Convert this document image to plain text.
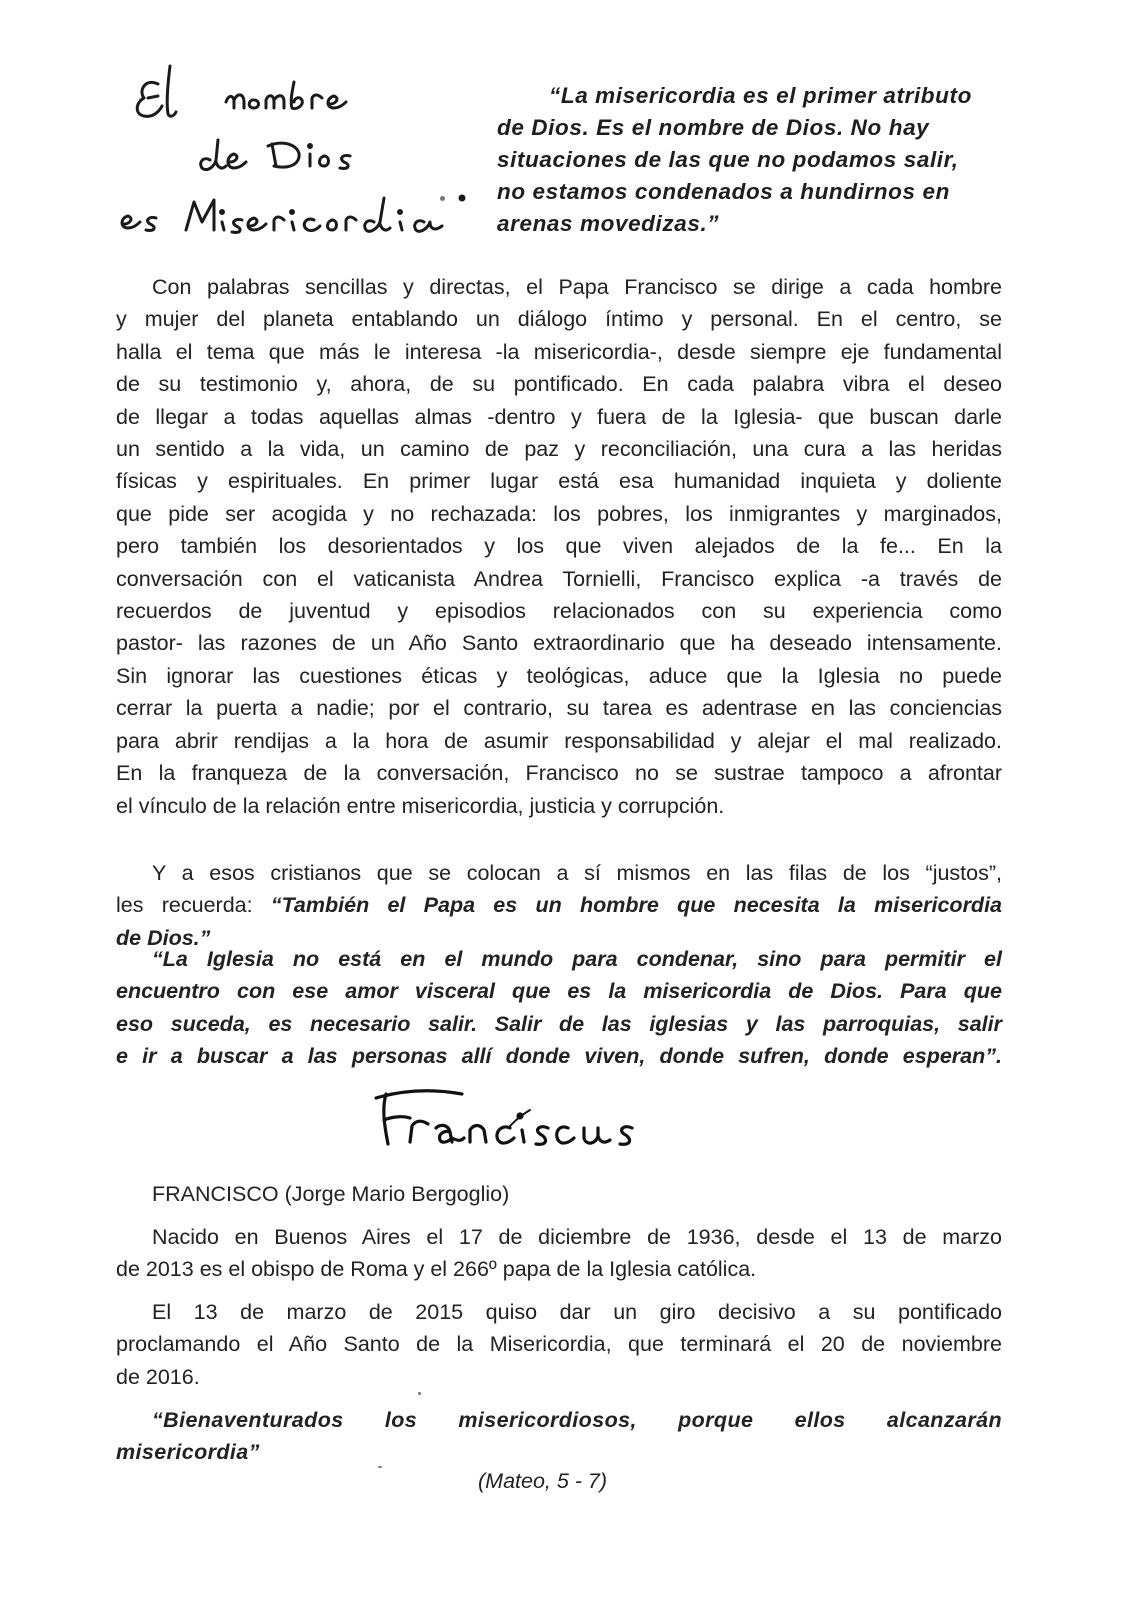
“La misericordia es el primer atributo
de Dios. Es el nombre de Dios. No hay
situaciones de las que no podamos salir,
no estamos condenados a hundirnos en
arenas movedizas.”
Con palabras sencillas y directas, el Papa Francisco se dirige a cada hombre
y mujer del planeta entablando un diálogo íntimo y personal. En el centro, se
halla el tema que más le interesa -la misericordia-, desde siempre eje fundamental
de su testimonio y, ahora, de su pontificado. En cada palabra vibra el deseo
de llegar a todas aquellas almas -dentro y fuera de la Iglesia- que buscan darle
un sentido a la vida, un camino de paz y reconciliación, una cura a las heridas
físicas y espirituales. En primer lugar está esa humanidad inquieta y doliente
que pide ser acogida y no rechazada: los pobres, los inmigrantes y marginados,
pero también los desorientados y los que viven alejados de la fe... En la
conversación con el vaticanista Andrea Tornielli, Francisco explica -a través de
recuerdos de juventud y episodios relacionados con su experiencia como
pastor- las razones de un Año Santo extraordinario que ha deseado intensamente.
Sin ignorar las cuestiones éticas y teológicas, aduce que la Iglesia no puede
cerrar la puerta a nadie; por el contrario, su tarea es adentrase en las conciencias
para abrir rendijas a la hora de asumir responsabilidad y alejar el mal realizado.
En la franqueza de la conversación, Francisco no se sustrae tampoco a afrontar
el vínculo de la relación entre misericordia, justicia y corrupción.
Y a esos cristianos que se colocan a sí mismos en las filas de los “justos”,
les recuerda: “También el Papa es un hombre que necesita la misericordia
de Dios.”
“La Iglesia no está en el mundo para condenar, sino para permitir el
encuentro con ese amor visceral que es la misericordia de Dios. Para que
eso suceda, es necesario salir. Salir de las iglesias y las parroquias, salir
e ir a buscar a las personas allí donde viven, donde sufren, donde esperan”.
FRANCISCO (Jorge Mario Bergoglio)
Nacido en Buenos Aires el 17 de diciembre de 1936, desde el 13 de marzo
de 2013 es el obispo de Roma y el 266º papa de la Iglesia católica.
El 13 de marzo de 2015 quiso dar un giro decisivo a su pontificado
proclamando el Año Santo de la Misericordia, que terminará el 20 de noviembre
de 2016.
“Bienaventurados los misericordiosos, porque ellos alcanzarán
misericordia”
(Mateo, 5 - 7)
